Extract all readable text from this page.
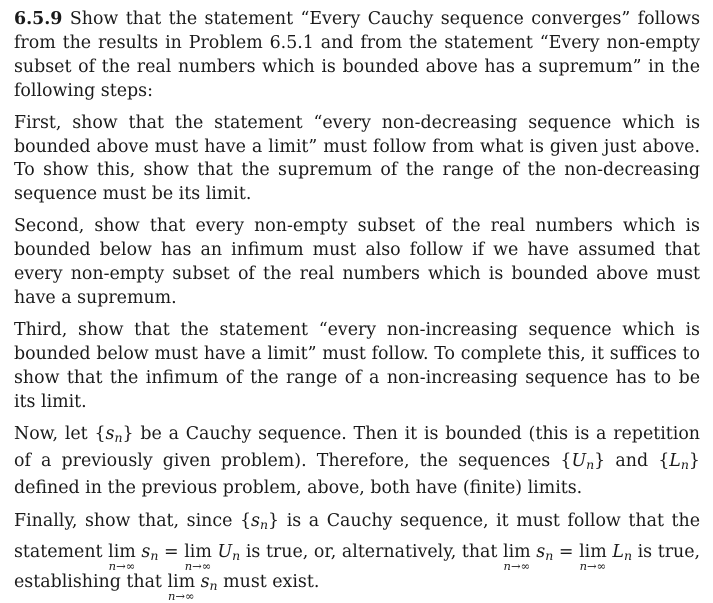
6.5.9 Show that the statement “Every Cauchy sequence converges” follows from the results in Problem 6.5.1 and from the statement “Every non-empty subset of the real numbers which is bounded above has a supremum” in the following steps:

First, show that the statement “every non-decreasing sequence which is bounded above must have a limit” must follow from what is given just above. To show this, show that the supremum of the range of the non-decreasing sequence must be its limit.

Second, show that every non-empty subset of the real numbers which is bounded below has an infimum must also follow if we have assumed that every non-empty subset of the real numbers which is bounded above must have a supremum.

Third, show that the statement “every non-increasing sequence which is bounded below must have a limit” must follow. To complete this, it suffices to show that the infimum of the range of a non-increasing sequence has to be its limit.

Now, let $\{s_n\}$ be a Cauchy sequence. Then it is bounded (this is a repetition of a previously given problem). Therefore, the sequences $\{U_n\}$ and $\{L_n\}$ defined in the previous problem, above, both have (finite) limits.

Finally, show that, since $\{s_n\}$ is a Cauchy sequence, it must follow that the statement lim
n→∞
$s_n = \lim$
n→∞
$U_n$ is true, or, alternatively, that lim
n→∞
$s_n = \lim$
n→∞
$L_n$ is true, establishing that lim
n→∞
$s_n$ must exist.
